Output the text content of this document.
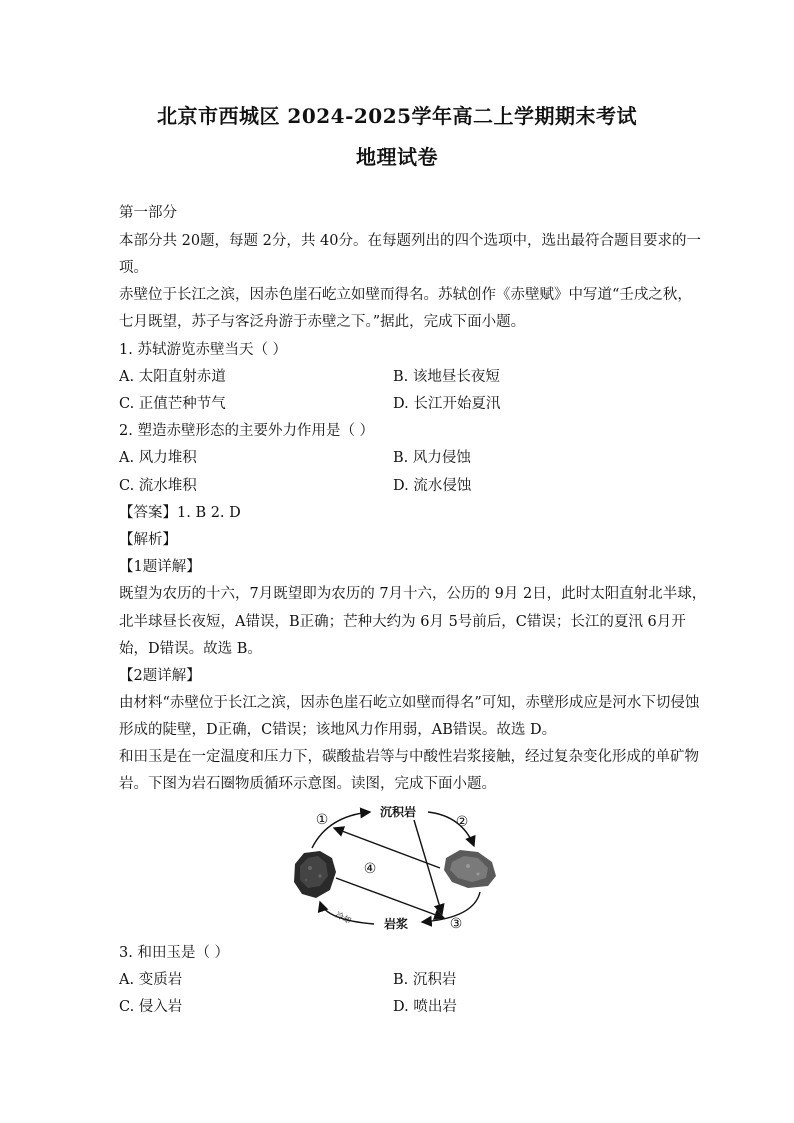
北京市西城区 2024-2025学年高二上学期期末考试
地理试卷
第一部分
本部分共 20题，每题 2分，共 40分。在每题列出的四个选项中，选出最符合题目要求的一
项。
赤壁位于长江之滨，因赤色崖石屹立如壁而得名。苏轼创作《赤壁赋》中写道“壬戌之秋，
七月既望，苏子与客泛舟游于赤壁之下。”据此，完成下面小题。
1. 苏轼游览赤壁当天（ ）
A. 太阳直射赤道	B. 该地昼长夜短
C. 正值芒种节气	D. 长江开始夏汛
2. 塑造赤壁形态的主要外力作用是（ ）
A. 风力堆积	B. 风力侵蚀
C. 流水堆积	D. 流水侵蚀
【答案】1. B 2. D
【解析】
【1题详解】
既望为农历的十六，7月既望即为农历的 7月十六，公历的 9月 2日，此时太阳直射北半球，
北半球昼长夜短，A错误，B正确；芒种大约为 6月 5号前后，C错误；长江的夏汛 6月开
始，D错误。故选 B。
【2题详解】
由材料“赤壁位于长江之滨，因赤色崖石屹立如壁而得名”可知，赤壁形成应是河水下切侵蚀
形成的陡壁，D正确，C错误；该地风力作用弱，AB错误。故选 D。
和田玉是在一定温度和压力下，碳酸盐岩等与中酸性岩浆接触，经过复杂变化形成的单矿物
岩。下图为岩石圈物质循环示意图。读图，完成下面小题。
沉积岩
岩浆
①	②
③
④
冷却
3. 和田玉是（ ）
A. 变质岩	B. 沉积岩
C. 侵入岩	D. 喷出岩
